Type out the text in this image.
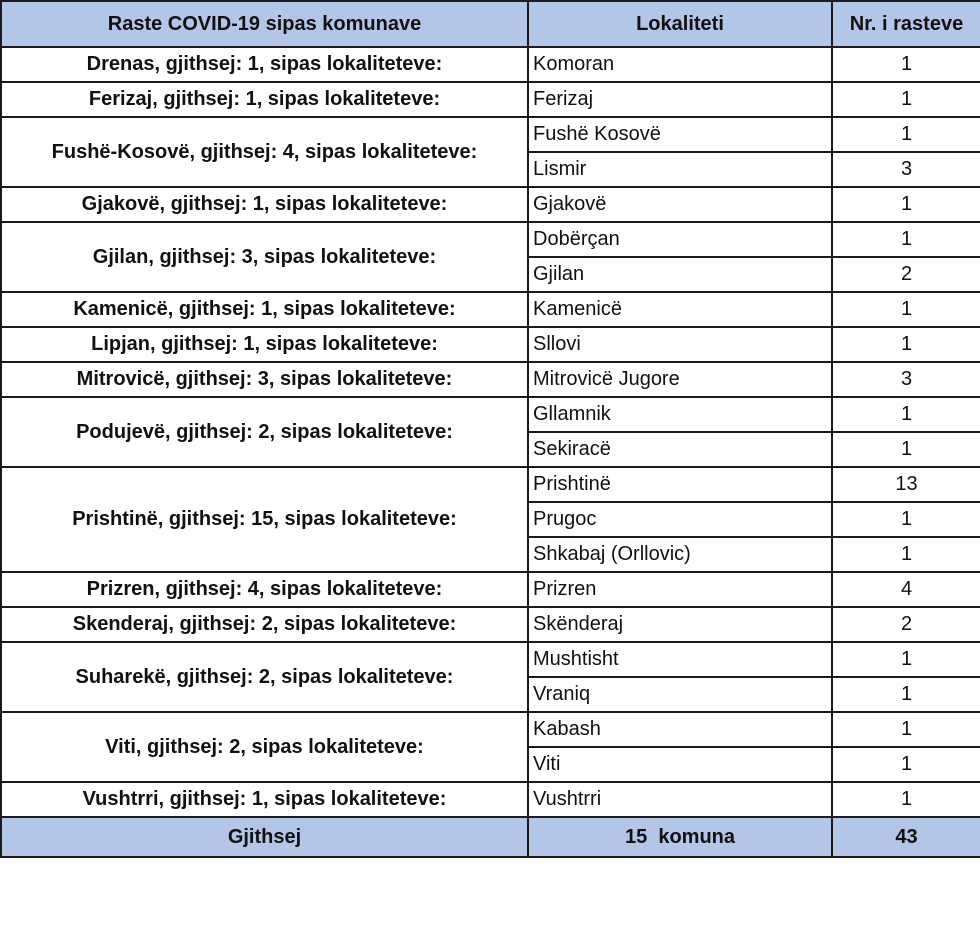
Raste COVID-19 sipas komunave	Lokaliteti	Nr. i rasteve
Drenas, gjithsej: 1, sipas lokaliteteve:	Komoran	1
Ferizaj, gjithsej: 1, sipas lokaliteteve:	Ferizaj	1
Fushë-Kosovë, gjithsej: 4, sipas lokaliteteve:	Fushë Kosovë	1
	Lismir	3
Gjakovë, gjithsej: 1, sipas lokaliteteve:	Gjakovë	1
Gjilan, gjithsej: 3, sipas lokaliteteve:	Dobërçan	1
	Gjilan	2
Kamenicë, gjithsej: 1, sipas lokaliteteve:	Kamenicë	1
Lipjan, gjithsej: 1, sipas lokaliteteve:	Sllovi	1
Mitrovicë, gjithsej: 3, sipas lokaliteteve:	Mitrovicë Jugore	3
Podujevë, gjithsej: 2, sipas lokaliteteve:	Gllamnik	1
	Sekiracë	1
Prishtinë, gjithsej: 15, sipas lokaliteteve:	Prishtinë	13
	Prugoc	1
	Shkabaj (Orllovic)	1
Prizren, gjithsej: 4, sipas lokaliteteve:	Prizren	4
Skenderaj, gjithsej: 2, sipas lokaliteteve:	Skënderaj	2
Suharekë, gjithsej: 2, sipas lokaliteteve:	Mushtisht	1
	Vraniq	1
Viti, gjithsej: 2, sipas lokaliteteve:	Kabash	1
	Viti	1
Vushtrri, gjithsej: 1, sipas lokaliteteve:	Vushtrri	1
Gjithsej	15  komuna	43
